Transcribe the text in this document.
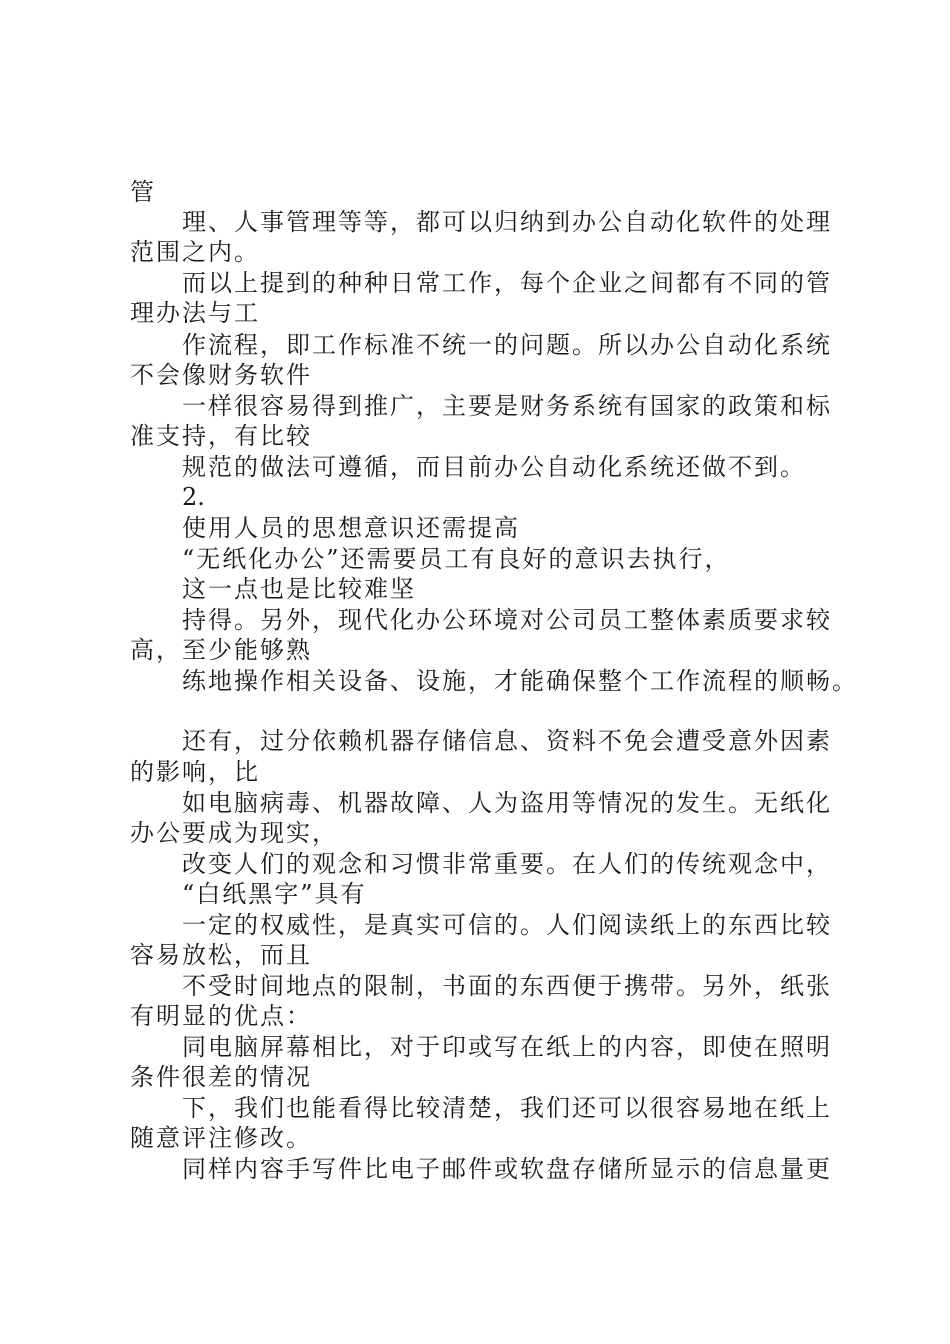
管
理、人事管理等等，都可以归纳到办公自动化软件的处理
范围之内。
而以上提到的种种日常工作，每个企业之间都有不同的管
理办法与工
作流程，即工作标准不统一的问题。所以办公自动化系统
不会像财务软件
一样很容易得到推广，主要是财务系统有国家的政策和标
准支持，有比较
规范的做法可遵循，而目前办公自动化系统还做不到。
2.
使用人员的思想意识还需提高
“无纸化办公”还需要员工有良好的意识去执行，
这一点也是比较难坚
持得。另外，现代化办公环境对公司员工整体素质要求较
高，至少能够熟
练地操作相关设备、设施，才能确保整个工作流程的顺畅。
还有，过分依赖机器存储信息、资料不免会遭受意外因素
的影响，比
如电脑病毒、机器故障、人为盗用等情况的发生。无纸化
办公要成为现实，
改变人们的观念和习惯非常重要。在人们的传统观念中，
“白纸黑字”具有
一定的权威性，是真实可信的。人们阅读纸上的东西比较
容易放松，而且
不受时间地点的限制，书面的东西便于携带。另外，纸张
有明显的优点：
同电脑屏幕相比，对于印或写在纸上的内容，即使在照明
条件很差的情况
下，我们也能看得比较清楚，我们还可以很容易地在纸上
随意评注修改。
同样内容手写件比电子邮件或软盘存储所显示的信息量更
